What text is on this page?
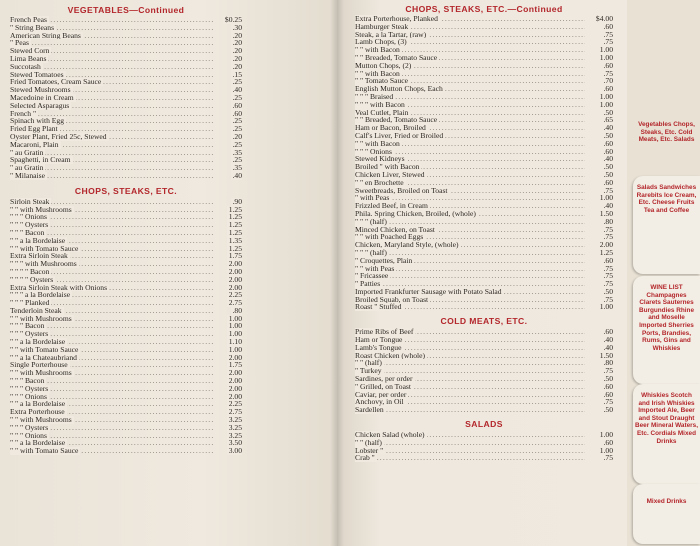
VEGETABLES—Continued
.....
French Peas	$0.25
.....
" String Beans	.30
.....
American String Beans	.20
.....
" Peas	.20
.....
Stewed Corn	.20
.....
Lima Beans	.20
.....
Succotash	.20
.....
Stewed Tomatoes	.15
.....
Fried Tomatoes, Cream Sauce	.25
.....
Stewed Mushrooms	.40
.....
Macedoine in Cream	.25
.....
Selected Asparagus	.60
.....
French "	.60
.....
Spinach with Egg	.25
.....
Fried Egg Plant	.25
.....
Oyster Plant, Fried 25c, Stewed	.20
.....
Macaroni, Plain	.25
.....
" au Gratin	.35
.....
Spaghetti, in Cream	.25
.....
" au Gratin	.35
.....
" Milanaise	.40
CHOPS, STEAKS, ETC.
.....
Sirloin Steak	.90
.....
" " with Mushrooms	1.25
.....
" " " Onions	1.25
.....
" " " Oysters	1.25
.....
" " " Bacon	1.25
.....
" " a la Bordelaise	1.35
.....
" " with Tomato Sauce	1.25
.....
Extra Sirloin Steak	1.75
.....
" " " with Mushrooms	2.00
.....
" " " " Bacon	2.00
.....
" " " " Oysters	2.00
.....
Extra Sirloin Steak with Onions	2.00
.....
" " " a la Bordelaise	2.25
.....
" " " Planked	2.75
.....
Tenderloin Steak	.80
.....
" " with Mushrooms	1.00
.....
" " " Bacon	1.00
.....
" " " Oysters	1.00
.....
" " a la Bordelaise	1.10
.....
" " with Tomato Sauce	1.00
.....
" " a la Chateaubriand	2.00
.....
Single Porterhouse	1.75
.....
" " with Mushrooms	2.00
.....
" " " Bacon	2.00
.....
" " " Oysters	2.00
.....
" " " Onions	2.00
.....
" " a la Bordelaise	2.25
.....
Extra Porterhouse	2.75
.....
" " with Mushrooms	3.25
.....
" " " Oysters	3.25
.....
" " " Onions	3.25
.....
" " a la Bordelaise	3.50
.....
" " with Tomato Sauce	3.00
CHOPS, STEAKS, ETC.—Continued
.....
Extra Porterhouse, Planked	$4.00
.....
Hamburger Steak	.60
.....
Steak, a la Tartar, (raw)	.75
.....
Lamb Chops, (3)	.75
.....
" " with Bacon	1.00
.....
" " Breaded, Tomato Sauce	1.00
.....
Mutton Chops, (2)	.60
.....
" " with Bacon	.75
.....
" " Tomato Sauce	.70
.....
English Mutton Chops, Each	.60
.....
" " " Braised	1.00
.....
" " " with Bacon	1.00
.....
Veal Cutlet, Plain	.50
.....
" " Breaded, Tomato Sauce	.65
.....
Ham or Bacon, Broiled	.40
.....
Calf's Liver, Fried or Broiled	.50
.....
" " with Bacon	.60
.....
" " " Onions	.60
.....
Stewed Kidneys	.40
.....
Broiled " with Bacon	.50
.....
Chicken Liver, Stewed	.50
.....
" " en Brochette	.60
.....
Sweetbreads, Broiled on Toast	.75
.....
" with Peas	1.00
.....
Frizzled Beef, in Cream	.40
.....
Phila. Spring Chicken, Broiled, (whole)	1.50
.....
" " " (half)	.80
.....
Minced Chicken, on Toast	.75
.....
" " with Poached Eggs	.75
.....
Chicken, Maryland Style, (whole)	2.00
.....
" " " (half)	1.25
.....
" Croquettes, Plain	.60
.....
" " with Peas	.75
.....
" Fricassee	.75
.....
" Patties	.75
.....
Imported Frankfurter Sausage with Potato Salad	.50
.....
Broiled Squab, on Toast	.75
.....
Roast " Stuffed	1.00
COLD MEATS, ETC.
.....
Prime Ribs of Beef	.60
.....
Ham or Tongue	.40
.....
Lamb's Tongue	.40
.....
Roast Chicken (whole)	1.50
.....
" " (half)	.80
.....
" Turkey	.75
.....
Sardines, per order	.50
.....
" Grilled, on Toast	.60
.....
Caviar, per order	.60
.....
Anchovy, in Oil	.75
.....
Sardellen	.50
SALADS
.....
Chicken Salad (whole)	1.00
.....
" " (half)	.60
.....
Lobster "	1.00
.....
Crab "	.75
Vegetables Chops, Steaks, Etc. Cold Meats, Etc. Salads
Salads Sandwiches Rarebits Ice Cream, Etc. Cheese Fruits Tea and Coffee
WINE LIST Champagnes Clarets Sauternes Burgundies Rhine and Moselle Imported Sherries Ports, Brandies, Rums, Gins and Whiskies
Whiskies Scotch and Irish Whiskies Imported Ale, Beer and Stout Draught Beer Mineral Waters, Etc. Cordials Mixed Drinks
Mixed Drinks
